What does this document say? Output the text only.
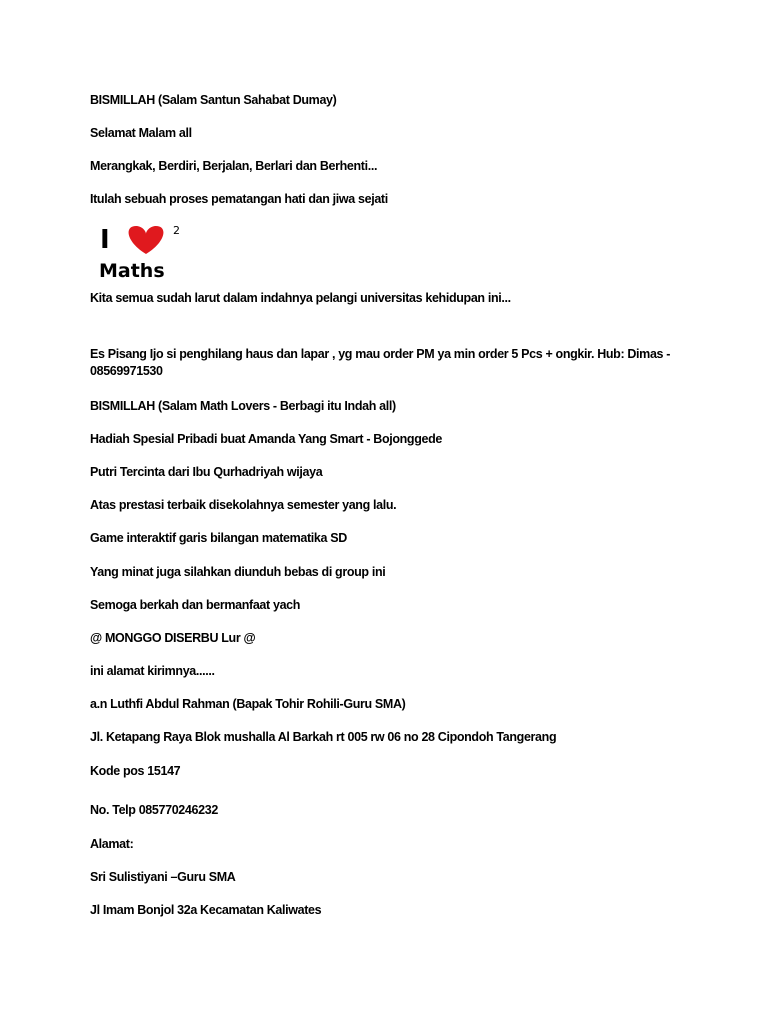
BISMILLAH (Salam Santun Sahabat Dumay)
Selamat Malam all
Merangkak, Berdiri, Berjalan, Berlari dan Berhenti...
Itulah sebuah proses pematangan hati dan jiwa sejati
I	2
Maths
Kita semua sudah larut dalam indahnya pelangi universitas kehidupan ini...
Es Pisang Ijo si penghilang haus dan lapar , yg mau order PM ya min order 5 Pcs + ongkir. Hub: Dimas - 08569971530
BISMILLAH (Salam Math Lovers - Berbagi itu Indah all)
Hadiah Spesial Pribadi buat Amanda Yang Smart - Bojonggede
Putri Tercinta dari Ibu Qurhadriyah wijaya
Atas prestasi terbaik disekolahnya semester yang lalu.
Game interaktif garis bilangan matematika SD
Yang minat juga silahkan diunduh bebas di group ini
Semoga berkah dan bermanfaat yach
@ MONGGO DISERBU Lur @
ini alamat kirimnya......
a.n Luthfi Abdul Rahman (Bapak Tohir Rohili-Guru SMA)
Jl. Ketapang Raya Blok mushalla Al Barkah rt 005 rw 06 no 28 Cipondoh Tangerang
Kode pos 15147
No. Telp 085770246232
Alamat:
Sri Sulistiyani –Guru SMA
Jl Imam Bonjol 32a Kecamatan Kaliwates
